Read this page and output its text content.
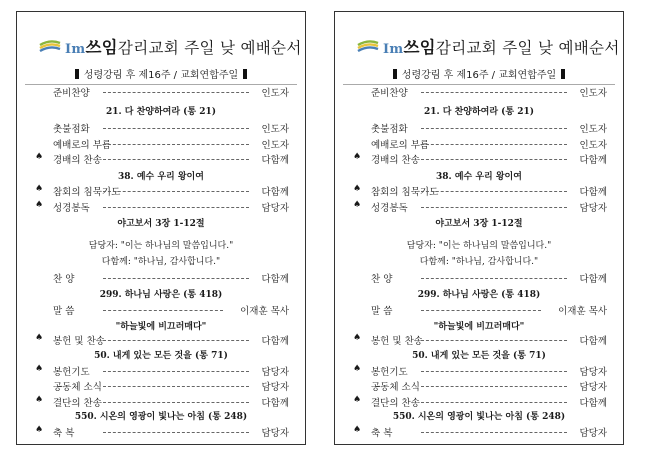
Im쓰임감리교회 주일 낮 예배순서
성령강림 후 제16주 / 교회연합주일
준비찬양	인도자
21. 다 찬양하여라 (통 21)
촛불점화	인도자
예배로의 부름	인도자
♠ 경배의 찬송	다함께
38. 예수 우리 왕이여
♠ 참회의 침묵기도	다함께
♠ 성경봉독	담당자
야고보서 3장 1-12절
담당자: "이는 하나님의 말씀입니다."
다함께: "하나님, 감사합니다."
찬 양	다함께
299. 하나님 사랑은 (통 418)
말 씀	이재훈 목사
"하늘빛에 비끄러매다"
♠ 봉헌 및 찬송	다함께
50. 내게 있는 모든 것을 (통 71)
♠ 봉헌기도	담당자
공동체 소식	담당자
♠ 결단의 찬송	다함께
550. 시온의 영광이 빛나는 아침 (통 248)
♠ 축 복	담당자
Im쓰임감리교회 주일 낮 예배순서
성령강림 후 제16주 / 교회연합주일
준비찬양	인도자
21. 다 찬양하여라 (통 21)
촛불점화	인도자
예배로의 부름	인도자
♠ 경배의 찬송	다함께
38. 예수 우리 왕이여
♠ 참회의 침묵기도	다함께
♠ 성경봉독	담당자
야고보서 3장 1-12절
담당자: "이는 하나님의 말씀입니다."
다함께: "하나님, 감사합니다."
찬 양	다함께
299. 하나님 사랑은 (통 418)
말 씀	이재훈 목사
"하늘빛에 비끄러매다"
♠ 봉헌 및 찬송	다함께
50. 내게 있는 모든 것을 (통 71)
♠ 봉헌기도	담당자
공동체 소식	담당자
♠ 결단의 찬송	다함께
550. 시온의 영광이 빛나는 아침 (통 248)
♠ 축 복	담당자
